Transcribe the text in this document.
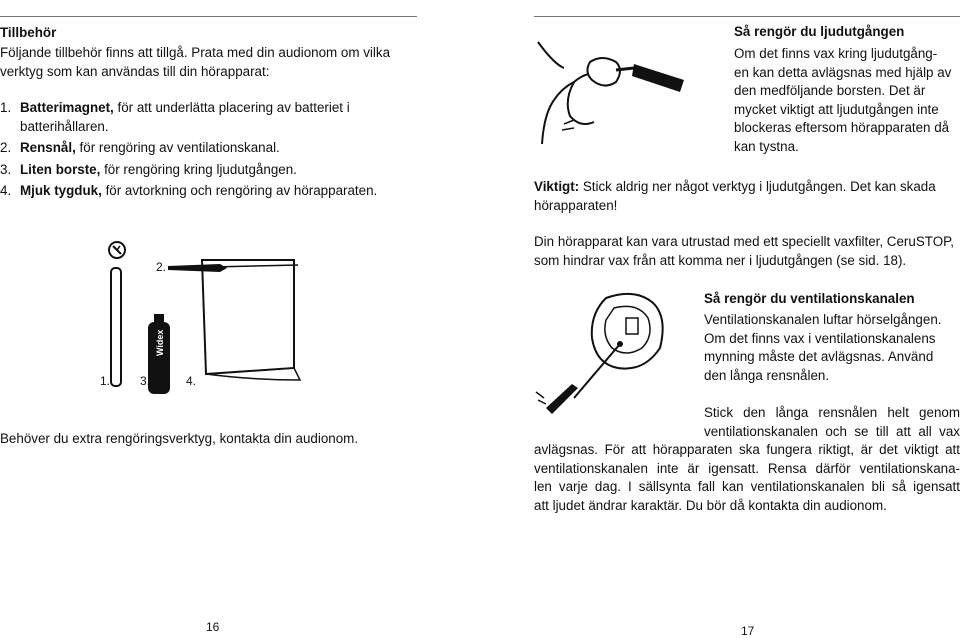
Tillbehör
Följande tillbehör finns att tillgå. Prata med din audionom om vilka verktyg som kan användas till din hörapparat:
1. Batterimagnet, för att underlätta placering av batteriet i batterihållaren.
2. Rensnål, för rengöring av ventilationskanal.
3. Liten borste, för rengöring kring ljudutgången.
4. Mjuk tygduk, för avtorkning och rengöring av hörapparaten.
2.
1. 3.	4.
Widex
Behöver du extra rengöringsverktyg, kontakta din audionom.
16
Så rengör du ljudutgången
Om det finns vax kring ljudutgång-
en kan detta avlägsnas med hjälp av
den medföljande borsten. Det är
mycket viktigt att ljudutgången inte
blockeras eftersom hörapparaten då
kan tystna.
Viktigt: Stick aldrig ner något verktyg i ljudutgången. Det kan skada hörapparaten!
Din hörapparat kan vara utrustad med ett speciellt vaxfilter, CeruSTOP, som hindrar vax från att komma ner i ljudutgången (se sid. 18).
Så rengör du ventilationskanalen
Ventilationskanalen luftar hörselgången.
Om det finns vax i ventilationskanalens
mynning måste det avlägsnas. Använd
den långa rensnålen.
Stick den långa rensnålen helt genom
ventilationskanalen och se till att all vax
avlägsnas. För att hörapparaten ska fungera riktigt, är det viktigt att
ventilationskanalen inte är igensatt. Rensa därför ventilationskana-
len varje dag. I sällsynta fall kan ventilationskanalen bli så igensatt
att ljudet ändrar karaktär. Du bör då kontakta din audionom.
17
